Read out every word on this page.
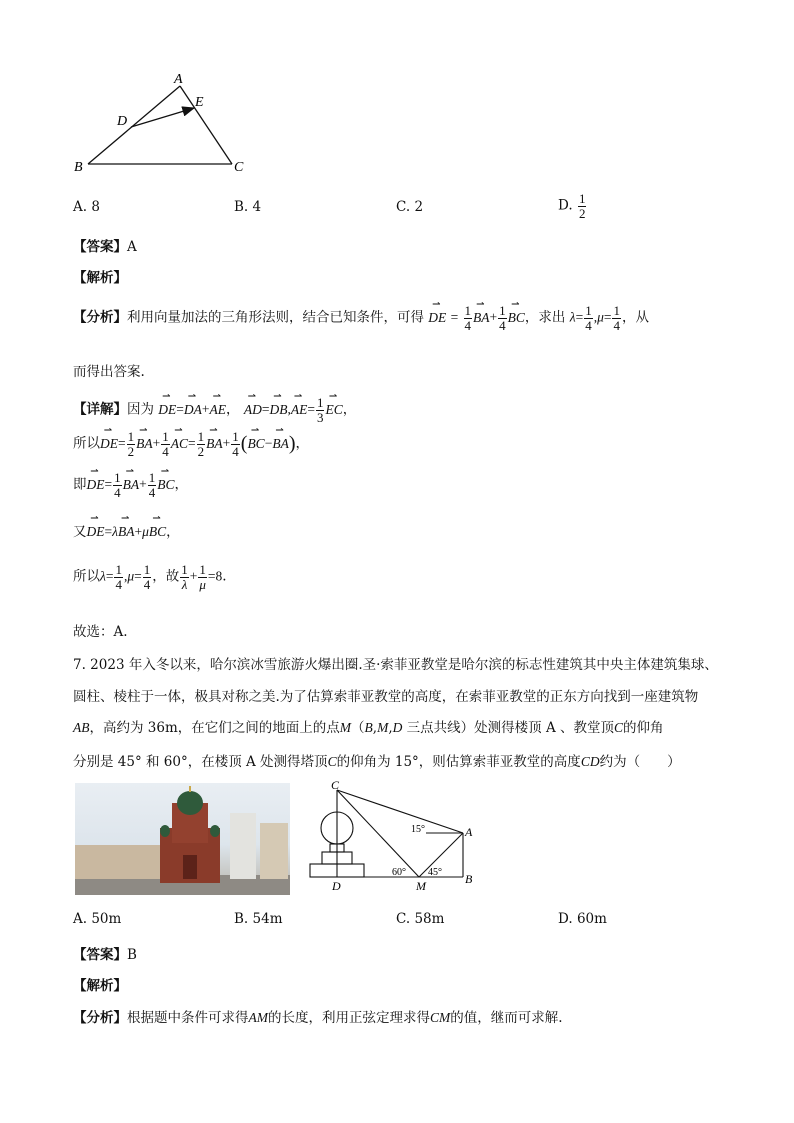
A
E
D
B	C
A. 8	B. 4	C. 2	D. $\frac{1}{2}$
【答案】A
【解析】
【分析】利用向量加法的三角形法则，结合已知条件，可得 ⇀ DE = $\frac{1}{4}$ ⇀ $BA+ \frac{1}{4}$ ⇀ BC，求出 $\lambda= \frac{1}{4} ,\mu= \frac{1}{4}$ ，从
而得出答案.
【详解】因为 ⇀ DE=⇀ DA+⇀ AE， ⇀ AD=⇀ DB,⇀ $AE= \frac{1}{3}$ ⇀ EC，
所以⇀ $DE= \frac{1}{2}$ ⇀ $BA+ \frac{1}{4}$ ⇀ $AC= \frac{1}{2}$ ⇀ $BA+ \frac{1}{4}$ (⇀ BC−⇀ BA)，
即⇀ $DE= \frac{1}{4}$ ⇀ $BA+ \frac{1}{4}$ ⇀ BC，
又⇀ DE=λ⇀ BA+μ⇀ BC，
所以$\lambda= \frac{1}{4} ,\mu= \frac{1}{4}$ ，故 $\frac{1}{\lambda} + \frac{1}{\mu} =8$.
故选：A.
7. 2023 年入冬以来，哈尔滨冰雪旅游火爆出圈.圣·索菲亚教堂是哈尔滨的标志性建筑其中央主体建筑集球、
圆柱、棱柱于一体，极具对称之美.为了估算索菲亚教堂的高度，在索菲亚教堂的正东方向找到一座建筑物
AB，高约为 36m，在它们之间的地面上的点M（B,M,D 三点共线）处测得楼顶 A 、教堂顶C的仰角
分别是 45° 和 60°，在楼顶 A 处测得塔顶C的仰角为 15°，则估算索菲亚教堂的高度CD约为（　　）
C
A
B
D	M
15°
60° 45°
A. 50m	B. 54m	C. 58m	D. 60m
【答案】B
【解析】
【分析】根据题中条件可求得AM的长度，利用正弦定理求得CM的值，继而可求解.
